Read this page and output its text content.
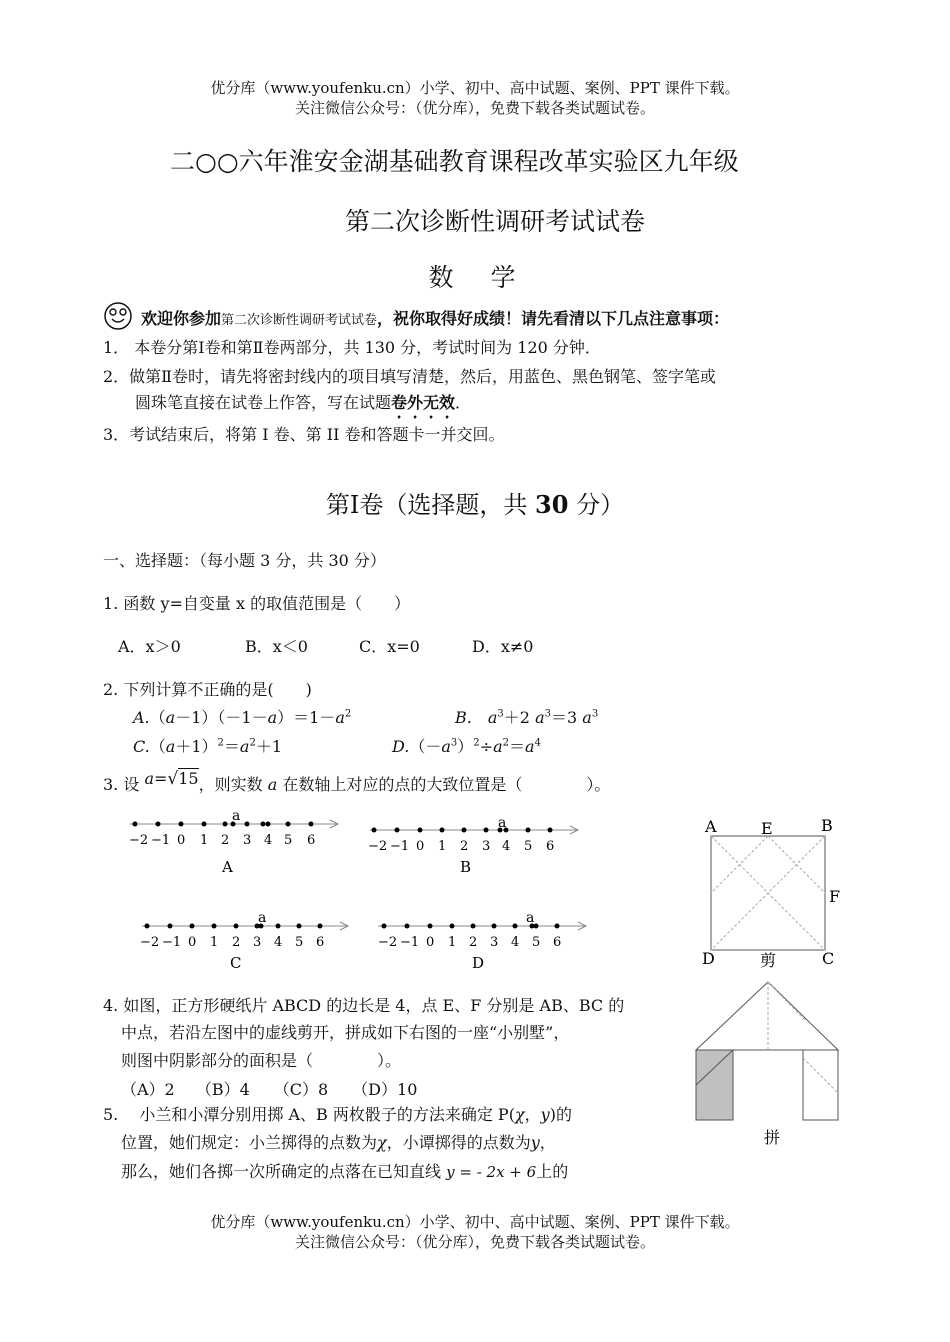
优分库（www.youfenku.cn）小学、初中、高中试题、案例、PPT 课件下载。
关注微信公众号：（优分库），免费下载各类试题试卷。
二○○六年淮安金湖基础教育课程改革实验区九年级
第二次诊断性调研考试试卷
数　学
欢迎你参加第二次诊断性调研考试试卷，祝你取得好成绩！请先看清以下几点注意事项：
1． 本卷分第Ⅰ卷和第Ⅱ卷两部分，共 130 分，考试时间为 120 分钟．
2．做第Ⅱ卷时，请先将密封线内的项目填写清楚，然后，用蓝色、黑色钢笔、签字笔或
圆珠笔直接在试卷上作答，写在试题卷外无效．
3．考试结束后，将第 I 卷、第 II 卷和答题卡一并交回。
第Ⅰ卷（选择题，共 30 分）
一、选择题：（每小题 3 分，共 30 分）
1. 函数 y=自变量 x 的取值范围是（　　）
A．x＞0	B．x＜0	C．x=0	D．x≠0
2. 下列计算不正确的是(　　)
$A.(a-1)(-1-a)=1-a^2$	B.　 $a^3+2$ $a^3=3$ $a^3$
$C.(a+1)^2=a^2+1$	$D.(-a^3)^2\div a^2=a^4$
3. 设 a=√15，则实数 a 在数轴上对应的点的大致位置是（　　　　）。
a
−2 −1 0 1 2 3 4 5 6
A
a
−2 −1 0 1 2 3 4 5 6
B
a
−2 −1 0 1 2 3 4 5 6
C
a
−2 −1 0 1 2 3 4 5 6
D
A	E	B
F
D	剪	C
拼
4. 如图，正方形硬纸片 ABCD 的边长是 4，点 E、F 分别是 AB、BC 的
中点，若沿左图中的虚线剪开，拼成如下右图的一座“小别墅”，
则图中阴影部分的面积是（　　　　）。
（A）2　 （B）4　　（C）8　　（D）10
5.　 小兰和小潭分别用掷 A、B 两枚骰子的方法来确定 P(χ，y)的
位置，她们规定：小兰掷得的点数为χ，小谭掷得的点数为y，
那么，她们各掷一次所确定的点落在已知直线 y = - 2x + 6上的
优分库（www.youfenku.cn）小学、初中、高中试题、案例、PPT 课件下载。
关注微信公众号：（优分库），免费下载各类试题试卷。
